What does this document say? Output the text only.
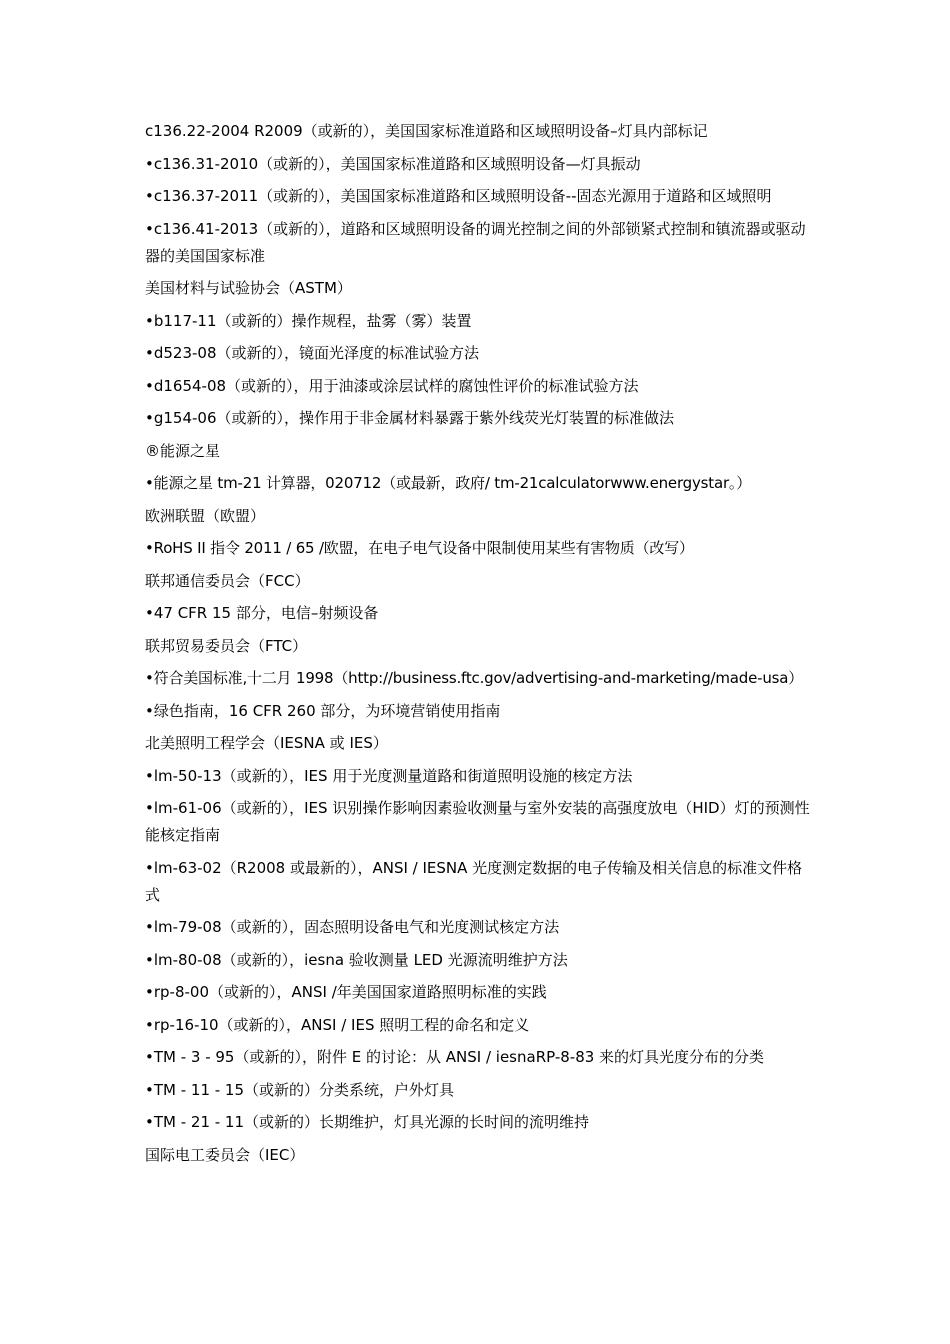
c136.22-2004 R2009（或新的），美国国家标准道路和区域照明设备–灯具内部标记
•c136.31-2010（或新的），美国国家标准道路和区域照明设备—灯具振动
•c136.37-2011（或新的），美国国家标准道路和区域照明设备--固态光源用于道路和区域照明
•c136.41-2013（或新的），道路和区域照明设备的调光控制之间的外部锁紧式控制和镇流器或驱动器的美国国家标准
美国材料与试验协会（ASTM）
•b117-11（或新的）操作规程，盐雾（雾）装置
•d523-08（或新的），镜面光泽度的标准试验方法
•d1654-08（或新的），用于油漆或涂层试样的腐蚀性评价的标准试验方法
•g154-06（或新的），操作用于非金属材料暴露于紫外线荧光灯装置的标准做法
®能源之星
•能源之星 tm-21 计算器，020712（或最新，政府/ tm-21calculatorwww.energystar。）
欧洲联盟（欧盟）
•RoHS II 指令 2011 / 65 /欧盟，在电子电气设备中限制使用某些有害物质（改写）
联邦通信委员会（FCC）
•47 CFR 15 部分，电信–射频设备
联邦贸易委员会（FTC）
•符合美国标准,十二月 1998（http://business.ftc.gov/advertising-and-marketing/made-usa）
•绿色指南，16 CFR 260 部分，为环境营销使用指南
北美照明工程学会（IESNA 或 IES）
•lm-50-13（或新的），IES 用于光度测量道路和街道照明设施的核定方法
•lm-61-06（或新的），IES 识别操作影响因素验收测量与室外安装的高强度放电（HID）灯的预测性能核定指南
•lm-63-02（R2008 或最新的），ANSI / IESNA 光度测定数据的电子传输及相关信息的标准文件格式
•lm-79-08（或新的），固态照明设备电气和光度测试核定方法
•lm-80-08（或新的），iesna 验收测量 LED 光源流明维护方法
•rp-8-00（或新的），ANSI /年美国国家道路照明标准的实践
•rp-16-10（或新的），ANSI / IES 照明工程的命名和定义
•TM - 3 - 95（或新的），附件 E 的讨论：从 ANSI / iesnaRP-8-83 来的灯具光度分布的分类
•TM - 11 - 15（或新的）分类系统，户外灯具
•TM - 21 - 11（或新的）长期维护，灯具光源的长时间的流明维持
国际电工委员会（IEC）
